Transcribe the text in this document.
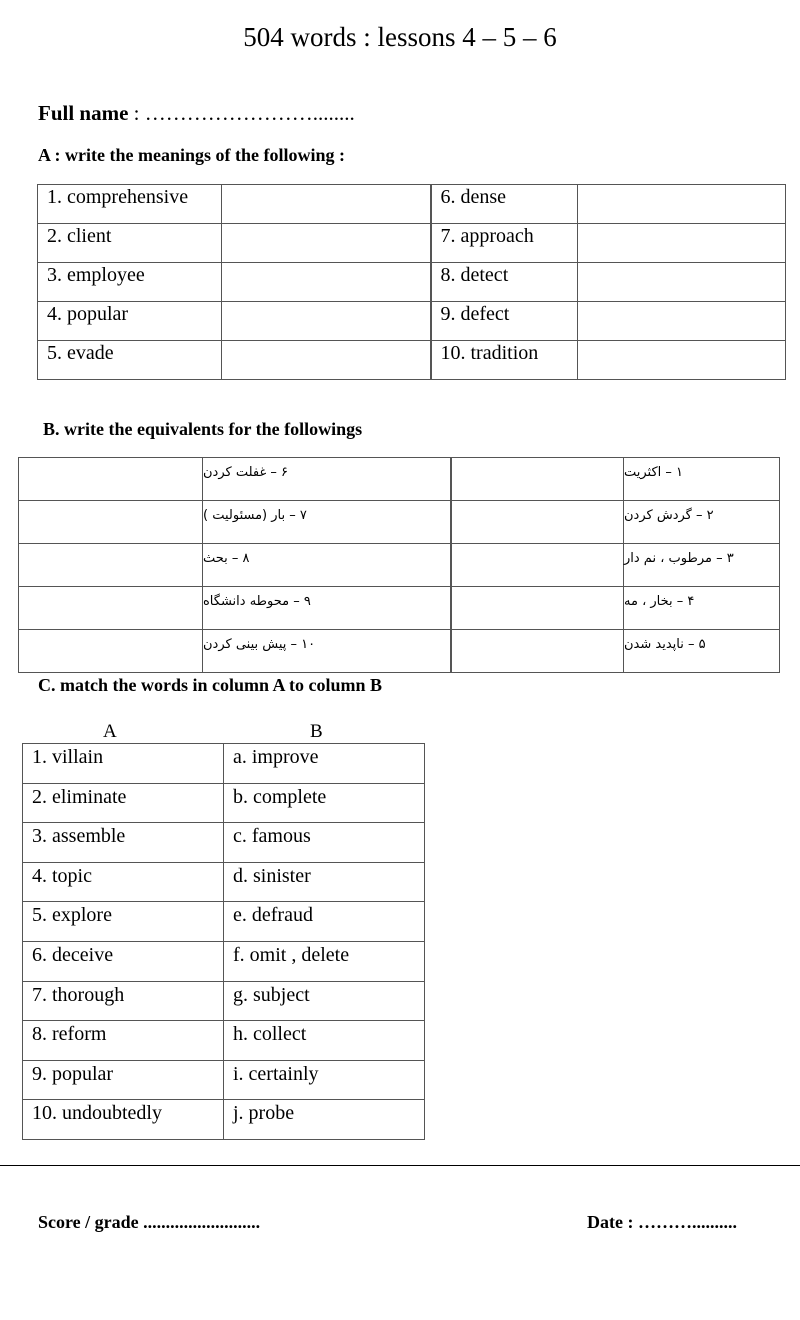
504 words : lessons 4 – 5 – 6
Full name : ……………………........
A : write the meanings of the following :
1. comprehensive		6. dense	
2. client		7. approach	
3. employee		8. detect	
4. popular		9. defect	
5. evade		10. tradition	
B. write the equivalents for the followings
	۶ – غفلت کردن		۱ – اکثریت
	۷ – بار (مسئولیت )		۲ – گردش کردن
	۸ – بحث		۳ – مرطوب ، نم دار
	۹ – محوطه دانشگاه		۴ – بخار ، مه
	۱۰ – پیش بینی کردن		۵ – ناپدید شدن
C. match the words in column A to column B
A	B
1. villain	a. improve
2. eliminate	b. complete
3. assemble	c. famous
4. topic	d. sinister
5. explore	e. defraud
6. deceive	f. omit , delete
7. thorough	g. subject
8. reform	h. collect
9. popular	i. certainly
10. undoubtedly	j. probe
Score / grade ..........................	Date : ………..........
